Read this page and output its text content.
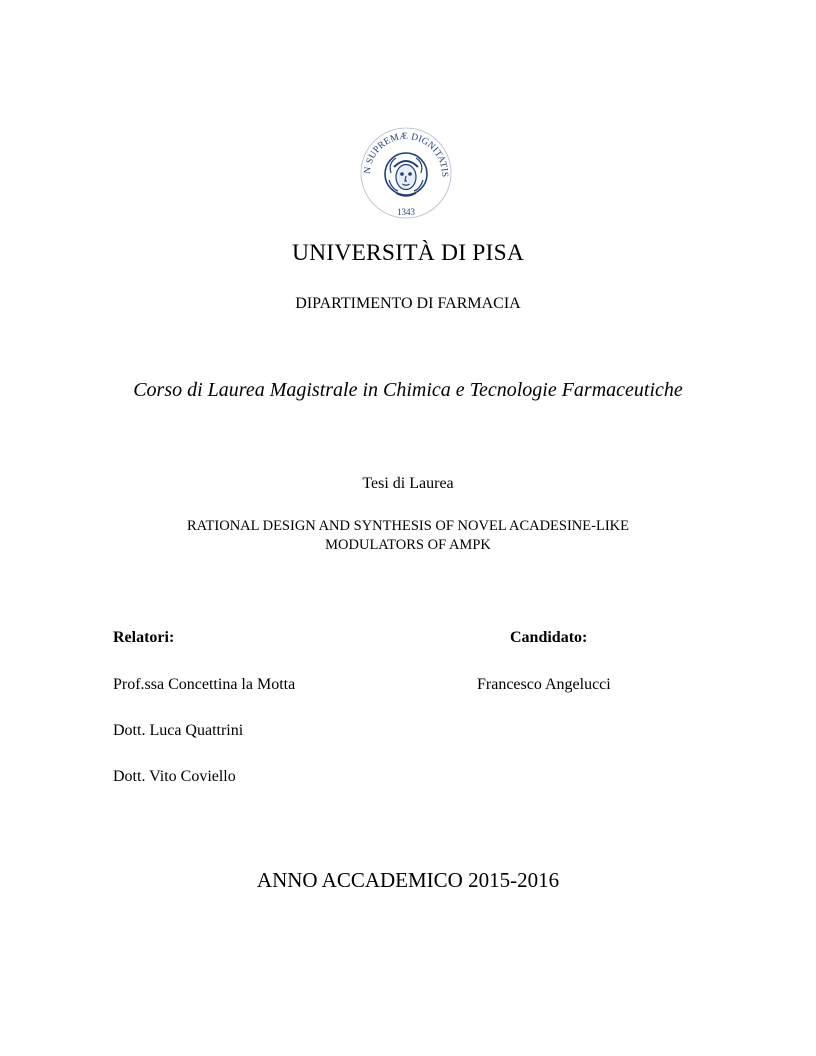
N SUPREMÆ DIGNITATIS
1343
UNIVERSITÀ DI PISA
DIPARTIMENTO DI FARMACIA
Corso di Laurea Magistrale in Chimica e Tecnologie Farmaceutiche
Tesi di Laurea
RATIONAL DESIGN AND SYNTHESIS OF NOVEL ACADESINE-LIKE
MODULATORS OF AMPK
Relatori:
Prof.ssa Concettina la Motta
Dott. Luca Quattrini
Dott. Vito Coviello
Candidato:
Francesco Angelucci
ANNO ACCADEMICO 2015-2016
